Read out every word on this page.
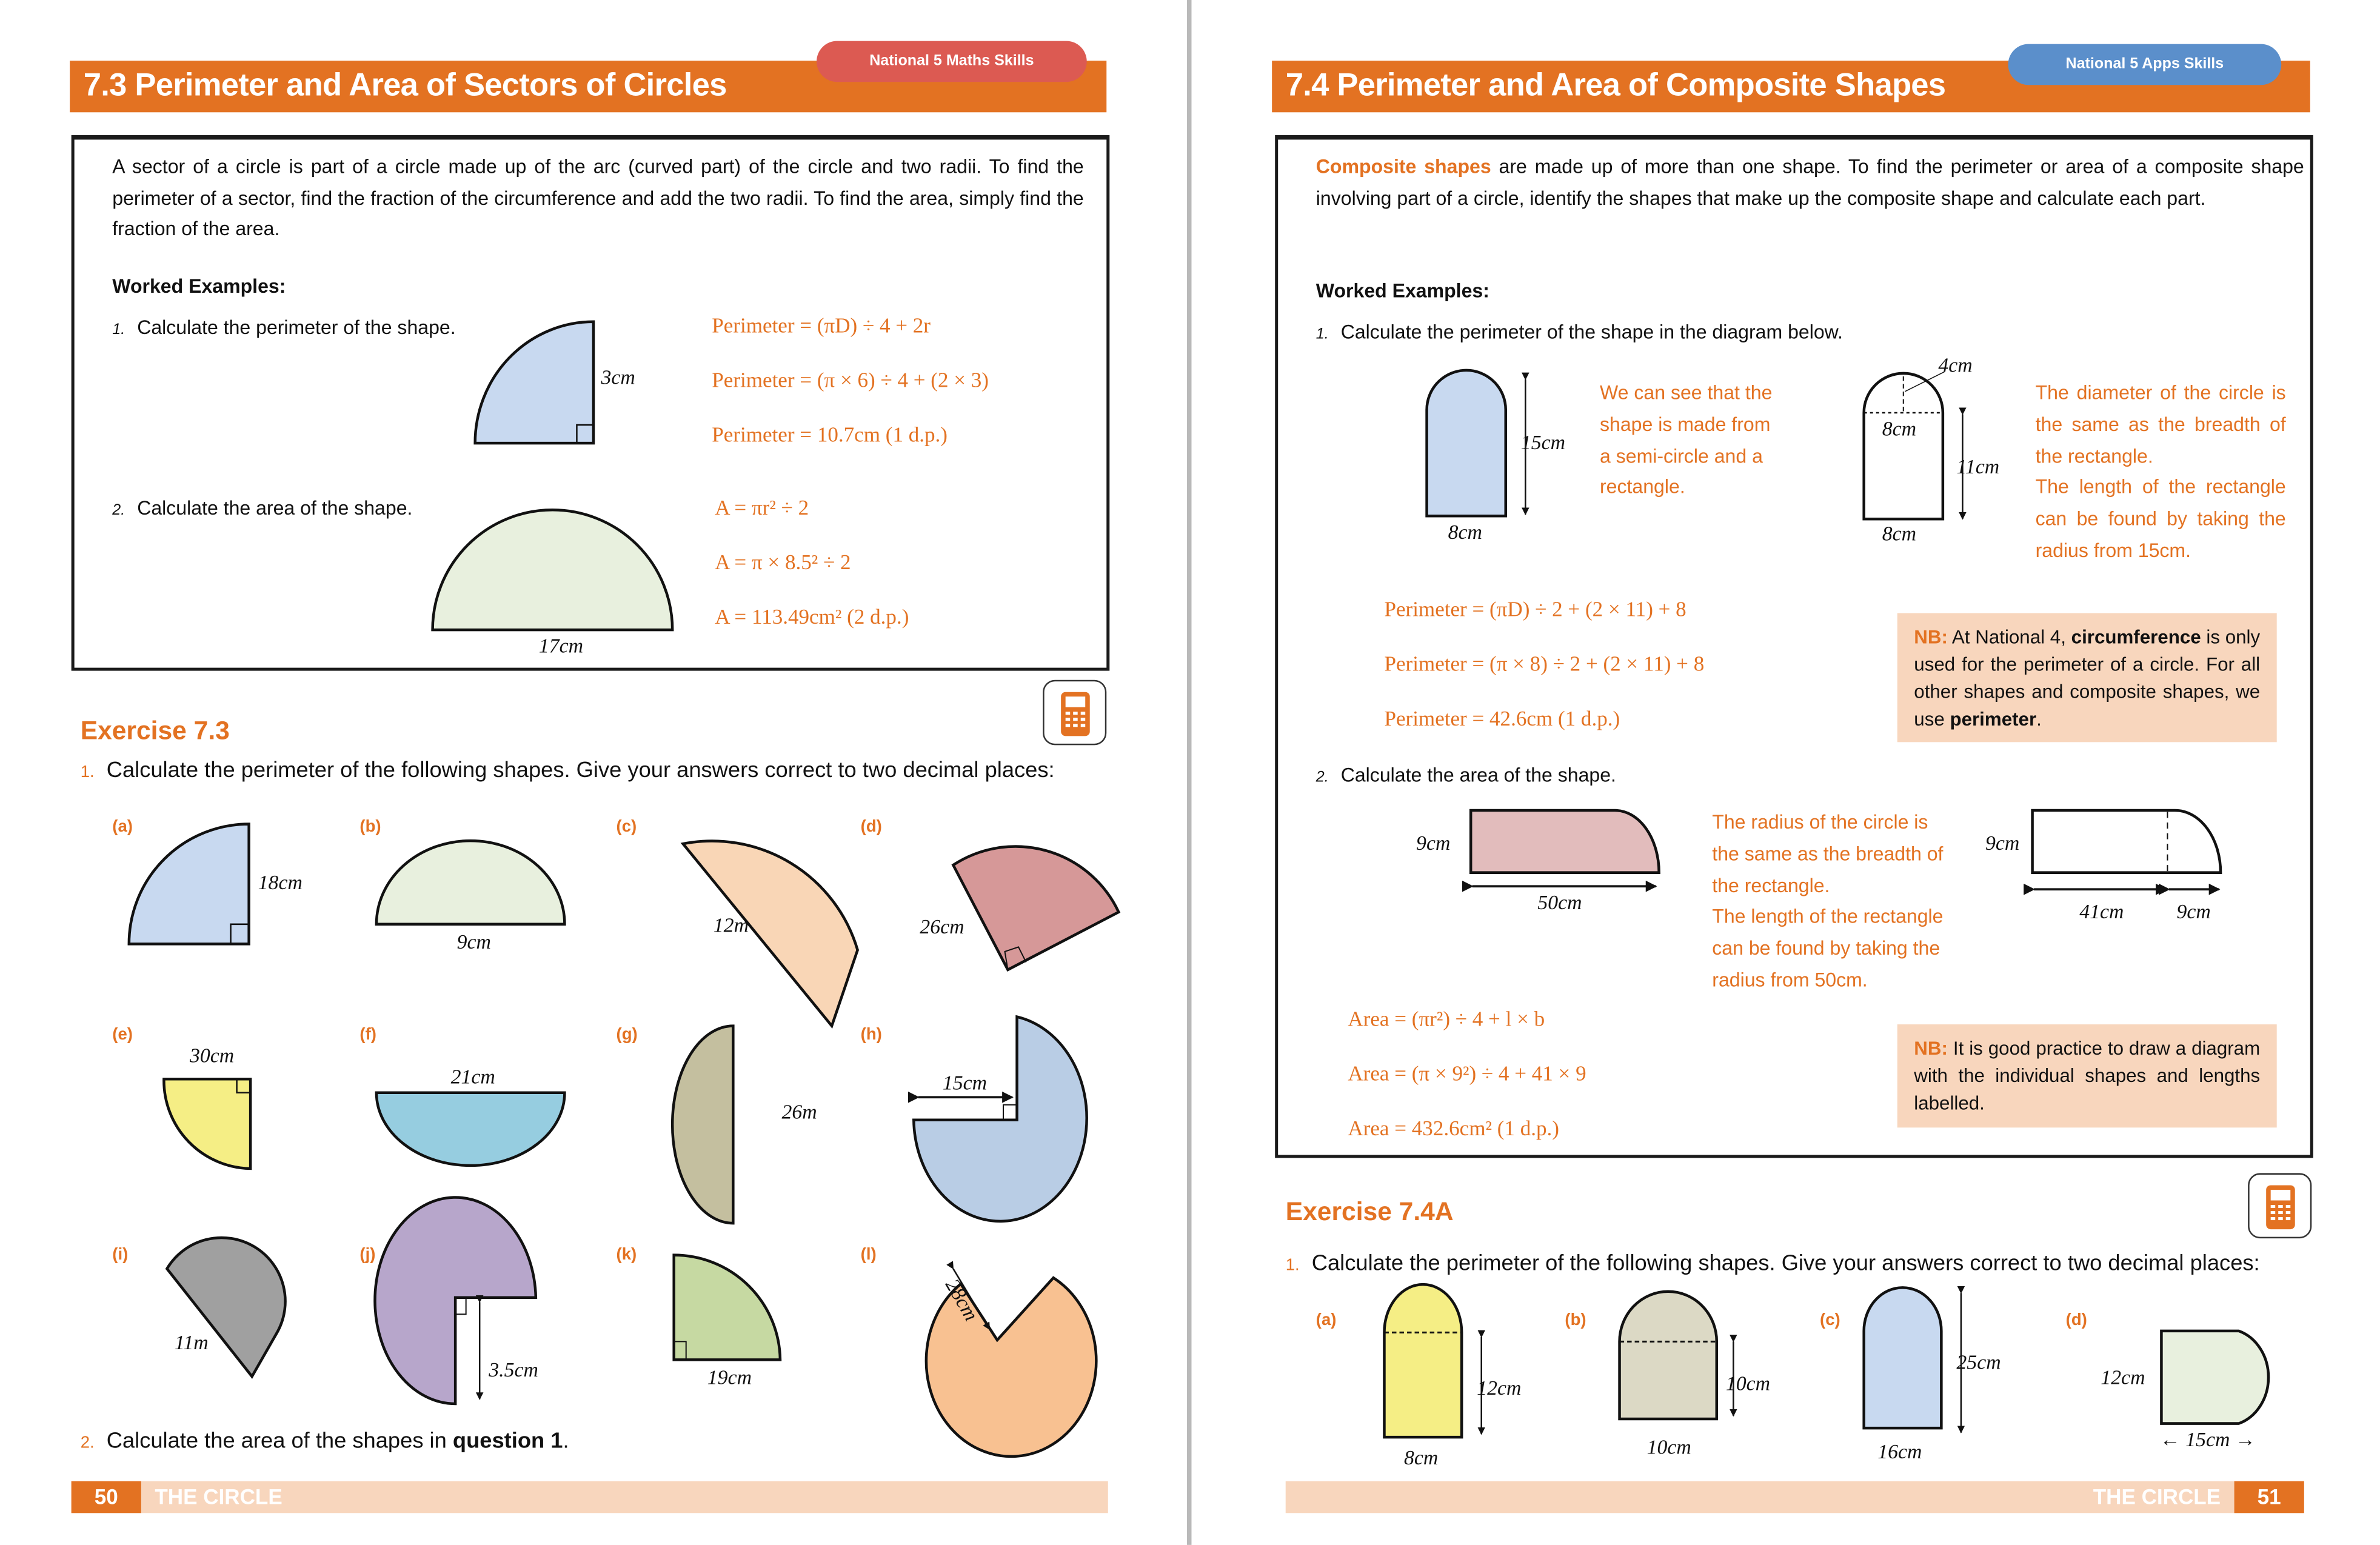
7.3 Perimeter and Area of Sectors of Circles
National 5 Maths Skills
A sector of a circle is part of a circle made up of the arc (curved part) of the circle and two radii. To find the perimeter of a sector, find the fraction of the circumference and add the two radii. To find the area, simply find the fraction of the area.
Worked Examples:
1. Calculate the perimeter of the shape.
3cm
Perimeter = (πD) ÷ 4 + 2r
Perimeter = (π × 6) ÷ 4 + (2 × 3)
Perimeter = 10.7cm (1 d.p.)
2. Calculate the area of the shape.
17cm
A = πr² ÷ 2
A = π × 8.5² ÷ 2
A = 113.49cm² (2 d.p.)
Exercise 7.3
1. Calculate the perimeter of the following shapes. Give your answers correct to two decimal places:
(a)
18cm
(b)
9cm
(c)
12m
(d)
26cm
(e)
30cm
(f)
21cm
(g)
26m
(h)
15cm
(i)
11m
(j)
3.5cm
(k)
19cm
(l)
28cm
2. Calculate the area of the shapes in question 1.
50	THE CIRCLE
7.4 Perimeter and Area of Composite Shapes
National 5 Apps Skills
Composite shapes are made up of more than one shape. To find the perimeter or area of a composite shape involving part of a circle, identify the shapes that make up the composite shape and calculate each part.
Worked Examples:
1. Calculate the perimeter of the shape in the diagram below.
15cm
8cm
4cm
8cm
11cm
8cm
We can see that the shape is made from a semi-circle and a rectangle.
The diameter of the circle is the same as the breadth of the rectangle.
The length of the rectangle can be found by taking the radius from 15cm.
Perimeter = (πD) ÷ 2 + (2 × 11) + 8
Perimeter = (π × 8) ÷ 2 + (2 × 11) + 8
Perimeter = 42.6cm (1 d.p.)
NB: At National 4, circumference is only used for the perimeter of a circle. For all other shapes and composite shapes, we use perimeter.
2. Calculate the area of the shape.
9cm
50cm
9cm
41cm	9cm
The radius of the circle is the same as the breadth of the rectangle.
The length of the rectangle can be found by taking the radius from 50cm.
Area = (πr²) ÷ 4 + l × b
Area = (π × 9²) ÷ 4 + 41 × 9
Area = 432.6cm² (1 d.p.)
NB: It is good practice to draw a diagram with the individual shapes and lengths labelled.
Exercise 7.4A
1. Calculate the perimeter of the following shapes. Give your answers correct to two decimal places:
(a)
12cm
8cm
(b)
10cm
10cm
(c)
25cm
16cm
(d)
12cm
← 15cm →
THE CIRCLE	51
